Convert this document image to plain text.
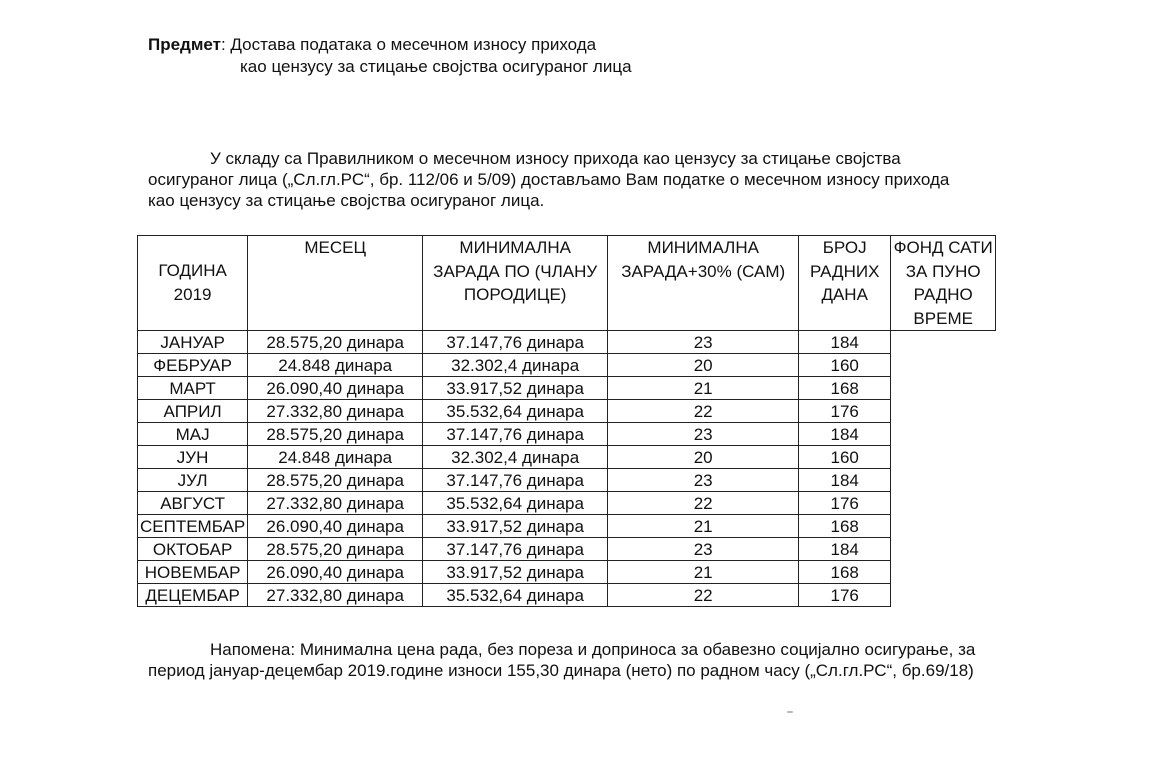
Предмет: Достава података о месечном износу прихода
као цензусу за стицање својства осигураног лица
У складу са Правилником о месечном износу прихода као цензусу за стицање својства осигураног лица („Сл.гл.РС“, бр. 112/06 и 5/09) достављамо Вам податке о месечном износу прихода као цензусу за стицање својства осигураног лица.
ГОДИНА 2019	МЕСЕЦ	МИНИМАЛНА ЗАРАДА ПО (ЧЛАНУ ПОРОДИЦЕ)	МИНИМАЛНА ЗАРАДА+30% (САМ)	БРОЈ РАДНИХ ДАНА	ФОНД САТИ ЗА ПУНО РАДНО ВРЕМЕ
ЈАНУАР	28.575,20 динара	37.147,76 динара	23	184	
ФЕБРУАР	24.848 динара	32.302,4 динара	20	160	
МАРТ	26.090,40 динара	33.917,52 динара	21	168	
АПРИЛ	27.332,80 динара	35.532,64 динара	22	176	
МАЈ	28.575,20 динара	37.147,76 динара	23	184	
ЈУН	24.848 динара	32.302,4 динара	20	160	
ЈУЛ	28.575,20 динара	37.147,76 динара	23	184	
АВГУСТ	27.332,80 динара	35.532,64 динара	22	176	
СЕПТЕМБАР	26.090,40 динара	33.917,52 динара	21	168	
ОКТОБАР	28.575,20 динара	37.147,76 динара	23	184	
НОВЕМБАР	26.090,40 динара	33.917,52 динара	21	168	
ДЕЦЕМБАР	27.332,80 динара	35.532,64 динара	22	176	
Напомена: Минимална цена рада, без пореза и доприноса за обавезно социјално осигурање, за период јануар-децембар 2019.године износи 155,30 динара (нето) по радном часу („Сл.гл.РС“, бр.69/18)
